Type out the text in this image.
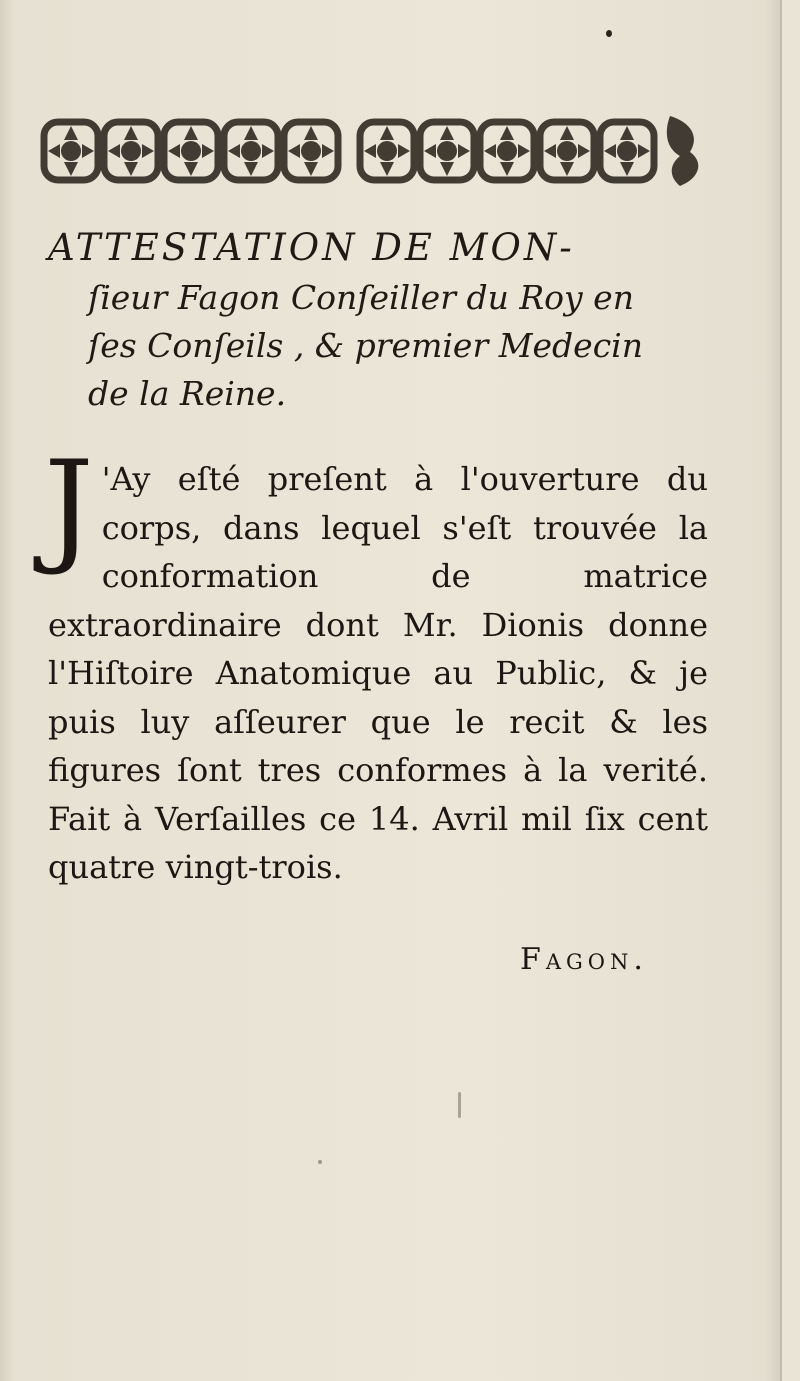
ATTESTATION DE MON-
ſieur Fagon Conſeiller du Roy en
ſes Conſeils , & premier Medecin
de la Reine.
J 'Ay eſté preſent à l'ouverture du corps, dans lequel s'eſt trouvée la conformation de matrice extraordinaire dont Mr. Dionis donne l'Hiſtoire Anatomique au Public, & je puis luy aſſeurer que le recit & les figures ſont tres conformes à la verité. Fait à Verſailles ce 14. Avril mil ſix cent quatre vingt-trois.
Fagon.
